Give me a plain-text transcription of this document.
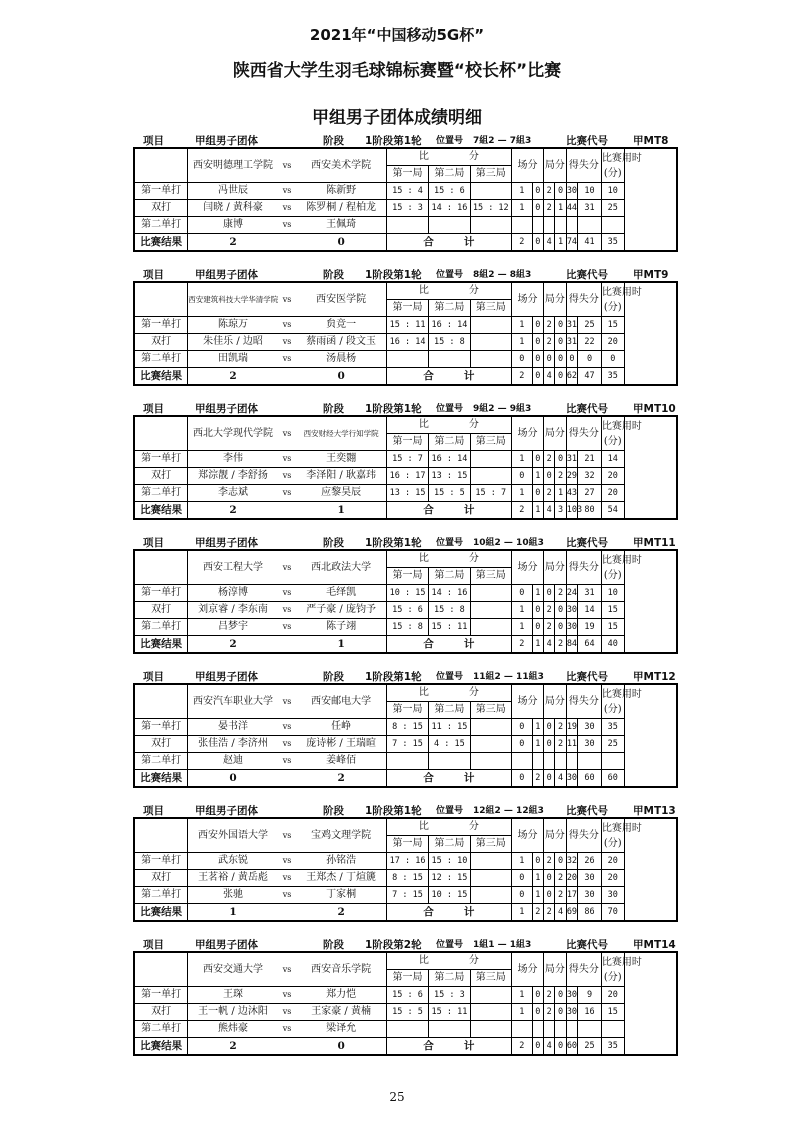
2021年“中国移动5G杯”
陕西省大学生羽毛球锦标赛暨“校长杯”比赛
甲组男子团体成绩明细
项目	甲组男子团体	阶段 1阶段第1轮 位置号 7組2 — 7組3	比赛代号 甲MT8
	西安明德理工学院	vs	西安美术学院	比 分			场分		局分		得失分		比赛用时
(分)

				第一局	第二局	第三局							
第一单打	冯世辰	vs	陈新野	15 : 4	15 : 6		1	0	2	0	30	10	10
双打	闫晓 / 黄科豪	vs	陈罗桐 / 程柏龙	15 : 3	14 : 16	15 : 12	1	0	2	1	44	31	25
第二单打	康博	vs	王佩琦										
比赛结果	2		0	合 计			2	0	4	1	74	41	35
项目	甲组男子团体	阶段 1阶段第1轮 位置号 8組2 — 8組3	比赛代号 甲MT9
	西安建筑科技大学华清学院	vs	西安医学院	比 分			场分		局分		得失分		比赛用时
(分)

				第一局	第二局	第三局							
第一单打	陈琼万	vs	贠竞一	15 : 11	16 : 14		1	0	2	0	31	25	15
双打	朱佳乐 / 边昭	vs	蔡雨函 / 段文玉	16 : 14	15 : 8		1	0	2	0	31	22	20
第二单打	田凯瑞	vs	汤晨杨				0	0	0	0	0	0	0
比赛结果	2		0	合 计			2	0	4	0	62	47	35
项目	甲组男子团体	阶段 1阶段第1轮 位置号 9組2 — 9組3	比赛代号 甲MT10
	西北大学现代学院	vs	西安财经大学行知学院	比 分			场分		局分		得失分		比赛用时
(分)

				第一局	第二局	第三局							
第一单打	李伟	vs	王奕翾	15 : 7	16 : 14		1	0	2	0	31	21	14
双打	郑淙靓 / 李舒扬	vs	李泽阳 / 耿嘉玮	16 : 17	13 : 15		0	1	0	2	29	32	20
第二单打	李志斌	vs	应黎昊辰	13 : 15	15 : 5	15 : 7	1	0	2	1	43	27	20
比赛结果	2		1	合 计			2	1	4	3	103	80	54
项目	甲组男子团体	阶段 1阶段第1轮 位置号 10組2 — 10組3 比赛代号 甲MT11
	西安工程大学	vs	西北政法大学	比 分			场分		局分		得失分		比赛用时
(分)

				第一局	第二局	第三局							
第一单打	杨淳博	vs	毛绎凯	10 : 15	14 : 16		0	1	0	2	24	31	10
双打	刘京睿 / 李东南	vs	严子豪 / 庞钧予	15 : 6	15 : 8		1	0	2	0	30	14	15
第二单打	吕梦宇	vs	陈子翊	15 : 8	15 : 11		1	0	2	0	30	19	15
比赛结果	2		1	合 计			2	1	4	2	84	64	40
项目	甲组男子团体	阶段 1阶段第1轮 位置号 11組2 — 11組3 比赛代号 甲MT12
	西安汽车职业大学	vs	西安邮电大学	比 分			场分		局分		得失分		比赛用时
(分)

				第一局	第二局	第三局							
第一单打	晏书洋	vs	任峥	8 : 15	11 : 15		0	1	0	2	19	30	35
双打	张佳浩 / 李济州	vs	庞诗彬 / 王瑞暄	7 : 15	4 : 15		0	1	0	2	11	30	25
第二单打	赵迪	vs	姜峰佰										
比赛结果	0		2	合 计			0	2	0	4	30	60	60
项目	甲组男子团体	阶段 1阶段第1轮 位置号 12組2 — 12組3 比赛代号 甲MT13
	西安外国语大学	vs	宝鸡文理学院	比 分			场分		局分		得失分		比赛用时
(分)

				第一局	第二局	第三局							
第一单打	武东锐	vs	孙铭浩	17 : 16	15 : 10		1	0	2	0	32	26	20
双打	王茗裕 / 黄岳彪	vs	王郑杰 / 丁煊篪	8 : 15	12 : 15		0	1	0	2	20	30	20
第二单打	张驰	vs	丁家桐	7 : 15	10 : 15		0	1	0	2	17	30	30
比赛结果	1		2	合 计			1	2	2	4	69	86	70
项目	甲组男子团体	阶段 1阶段第2轮 位置号 1組1 — 1組3	比赛代号 甲MT14
	西安交通大学	vs	西安音乐学院	比 分			场分		局分		得失分		比赛用时
(分)

				第一局	第二局	第三局							
第一单打	王琛	vs	郑力恺	15 : 6	15 : 3		1	0	2	0	30	9	20
双打	王一帆 / 边沐阳	vs	王家豪 / 黄楠	15 : 5	15 : 11		1	0	2	0	30	16	15
第二单打	熊炜豪	vs	梁译允										
比赛结果	2		0	合 计			2	0	4	0	60	25	35
25
